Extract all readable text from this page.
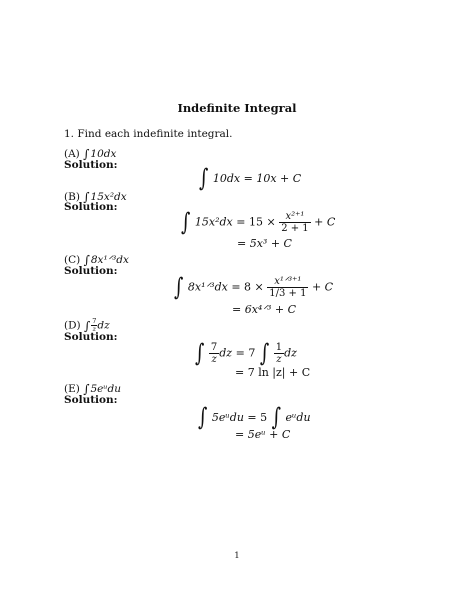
Indefinite Integral
1. Find each indefinite integral.
(A) ∫10dx
Solution:	∫ 10dx = 10x + C
(B) ∫15x²dx
Solution:
∫ $15x^2dx = 15 \times \frac{\text{x²⁺¹}}{2 + 1} + C$
= 5x³ + C
(C) ∫8x¹ᐟ³dx
Solution:
∫ 8x¹ᐟ³dx = $8 \times \frac{\text{x¹ᐟ³⁺¹}}{1/3 + 1} + C$
= 6x⁴ᐟ³ + C
(D) ∫ $\frac{7}{z}$ dz
Solution:
∫ $\frac{7}{z}$ dz = 7 ∫ $\frac{1}{z}$ dz
= 7 ln |z| + C
(E) ∫5eᵘdu
Solution:
∫ 5eᵘdu = 5 ∫ eᵘdu
= 5eᵘ + C
1
